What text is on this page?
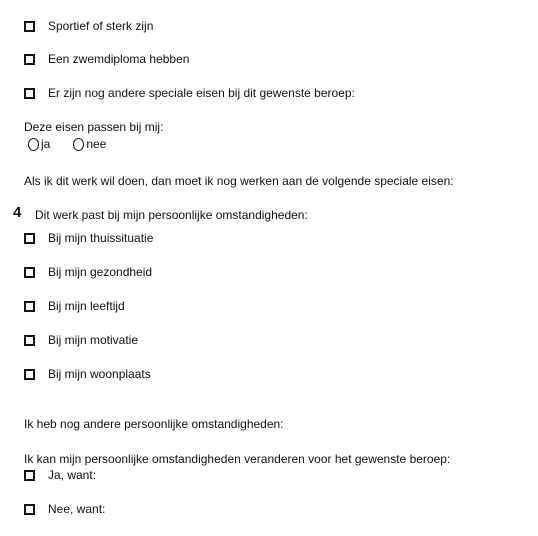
Sportief of sterk zijn
Een zwemdiploma hebben
Er zijn nog andere speciale eisen bij dit gewenste beroep:
Deze eisen passen bij mij:
ja	nee
Als ik dit werk wil doen, dan moet ik nog werken aan de volgende speciale eisen:
4 Dit werk past bij mijn persoonlijke omstandigheden:
Bij mijn thuissituatie
Bij mijn gezondheid
Bij mijn leeftijd
Bij mijn motivatie
Bij mijn woonplaats
Ik heb nog andere persoonlijke omstandigheden:
Ik kan mijn persoonlijke omstandigheden veranderen voor het gewenste beroep:
Ja, want:
Nee, want:
